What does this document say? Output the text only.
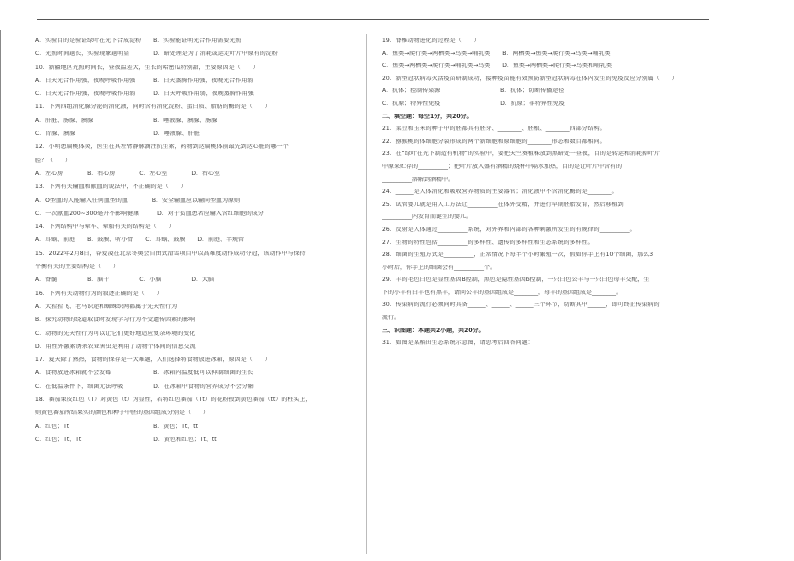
A．实验目的是验证绿叶在光下合成淀粉　　B．实验能证明光合作用需要光照
C．光照时间越长，实验现象越明显　　　　D．暗处理是为了消耗或运走叶片中原有的淀粉
10．新疆地区光照时间长，昼夜温差大，生长的哈密瓜特别甜，主要原因是（　　）
A．白天光合作用强，夜晚呼吸作用强　　　B．白天蒸腾作用强，夜晚光合作用弱
C．白天光合作用强，夜晚呼吸作用弱　　　D．白天呼吸作用弱，夜晚蒸腾作用强
11．下列四组消化腺分泌的消化液，同时含有消化淀粉、蛋白质、脂肪的酶的是（　　）
A．肝脏、肠腺、胰腺　　　　　　　　　　B．唾液腺、胰腺、肠腺
C．胃腺、胰腺　　　　　　　　　　　　　D．唾液腺、肝脏
12．小明患扁桃体炎，医生在其左臂静脉滴注抗生素，药物到达扁桃体前最先到达心脏的哪一个
腔？（　　）
A．左心房　　　　B．右心房　　　　C．左心室　　　　D．右心室
13．下列有关输血和献血的说法中，不正确的是（　　）
A．O型血的人能输入任何血型的血　　　　B．安全输血应以输同型血为原则
C．一次献血200~300毫升不影响健康　　　D．对于贫血患者应输入含红细胞的成分
14．下列结构中与晕车、晕船有关的结构是（　　）
A．耳蜗、前庭　　B．鼓膜、听小骨　　C．耳蜗、鼓膜　　D．前庭、半规管
15．2022年2月8日，谷爱凌在北京冬奥会自由式滑雪项目中以高难度动作成功夺冠，该动作中与保持
平衡有关的主要结构是（　　）
A．脊髓　　　　　B．脑干　　　　　C．小脑　　　　　D．大脑
16．下列有关动物行为的叙述正确的是（　　）
A．大猩猩飞、老马识途和蜘蛛织网都属于先天性行为
B．探究动物的绕道取食时发现学习行为不受遗传因素的影响
C．动物的先天性行为可以让它们更好地适应复杂环境的变化
D．用性外激素诱杀农业害虫是利用了动物个体间的信息交流
17．夏天除了熟热，食物的保存是一大难题，人们选择将食物放进冰箱，原因是（　　）
A．食物放进冰箱就不会发霉　　　　　　　B．冰箱内温度低可以抑制细菌的生长
C．在低温条件下，细菌无法呼吸　　　　　D．在冰箱中食物的营养成分不会分解
18．番茄果皮红色（T）对黄色（t）为显性，若将红色番茄（Tt）的花粉授到黄色番茄（tt）的柱头上，
则黄色番茄所结果实的颜色和种子中胚的基因组成分别是（　　）
A．红色；Tt　　　　　　　　　　　　　　B．黄色；Tt、tt
C．红色；Tt、Tt　　　　　　　　　　　　D．黄色和红色；Tt、tt
19．脊椎动物进化的过程是（　　）
A．鱼类→爬行类→两栖类→鸟类→哺乳类　　B．两栖类→鱼类→爬行类→鸟类→哺乳类
C．鱼类→两栖类→爬行类→哺乳类→鸟类　　D．鱼类→两栖类→爬行类→鸟类和哺乳类
20．新型冠状病毒灭活疫苗研制成功，接种疫苗能有效预防新型冠状病毒在体内发生的免疫反应分别属（　　）
A．抗体；控制传染源　　　　　　　　　　B．抗体；切断传播途径
C．抗原；特异性免疫　　　　　　　　　　D．抗原；非特异性免疫
二、填空题：每空1分，共20分。
21．菜豆和玉米的种子中的胚都具有胚芽、________、胚根、________四部分结构。
22．猕猴桃的体细胞分裂形成的两个新细胞和原细胞的________形态和数目都相同。
23．在“绿叶在光下制造有机物”的实验中，要把天竺葵植株放到黑暗处一昼夜，目的是转运和消耗掉叶片
中原来贮存的__________；把叶片放入盛有酒精的烧杯中隔水加热，目的是让叶片中含有的
__________溶解到酒精中。
24．______是人体消化和吸收营养物质的主要器官；消化液中不含消化酶的是________。
25．试管婴儿就是用人工方法让__________在体外受精，并进行早期胚胎发育，然后移植到
__________内发育而诞生的婴儿。
26．反射是人体通过__________系统，对外界和内部的各种刺激所发生的有规律的__________。
27．生物的特性包括__________的多样性、遗传的多样性和生态系统的多样性。
28．细菌的生殖方式是__________，正常情况下每半个小时繁殖一次，假如你手上有10个细菌，那么3
小时后，你手上的细菌会有__________个。
29．羊的毛色白色是显性基因B控制，黑色是隐性基因b控制，一只白色公羊与一只白色母羊交配，生
下的小羊有白羊也有黑羊，请问公羊的基因组成是________，母羊的基因组成是________。
30．传染病的流行必须同时具备______、______、______三个环节，切断其中______，即可终止传染病的
流行。
三、识图题：本题共2小题，共20分。
31．如图是某稻田生态系统示意图，请思考后回答问题：
